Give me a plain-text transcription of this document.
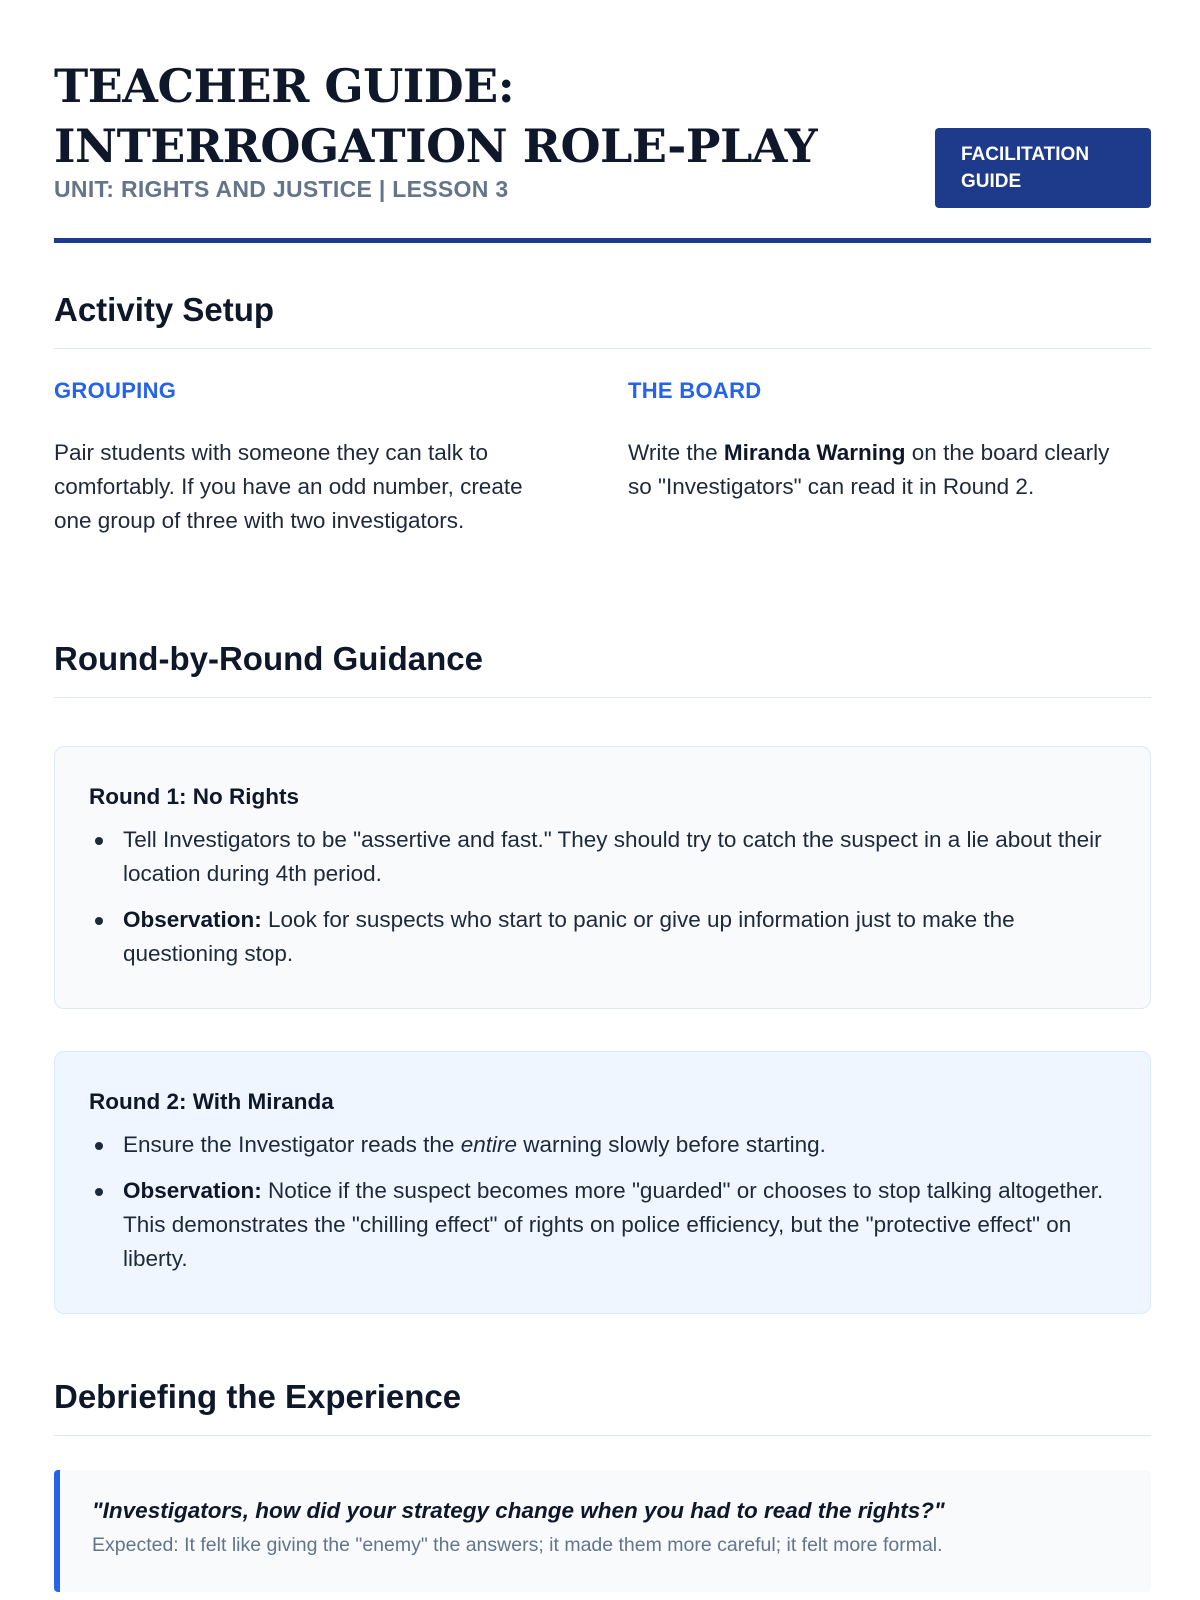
TEACHER GUIDE: INTERROGATION ROLE-PLAY
UNIT: RIGHTS AND JUSTICE | LESSON 3
FACILITATION GUIDE
Activity Setup
GROUPING

Pair students with someone they can talk to comfortably. If you have an odd number, create one group of three with two investigators.

THE BOARD

Write the Miranda Warning on the board clearly so "Investigators" can read it in Round 2.

Round-by-Round Guidance
Round 1: No Rights
Tell Investigators to be "assertive and fast." They should try to catch the suspect in a lie about their location during 4th period.
Observation: Look for suspects who start to panic or give up information just to make the questioning stop.
Round 2: With Miranda
Ensure the Investigator reads the entire warning slowly before starting.
Observation: Notice if the suspect becomes more "guarded" or chooses to stop talking altogether. This demonstrates the "chilling effect" of rights on police efficiency, but the "protective effect" on liberty.
Debriefing the Experience
"Investigators, how did your strategy change when you had to read the rights?"
Expected: It felt like giving the "enemy" the answers; it made them more careful; it felt more formal.
